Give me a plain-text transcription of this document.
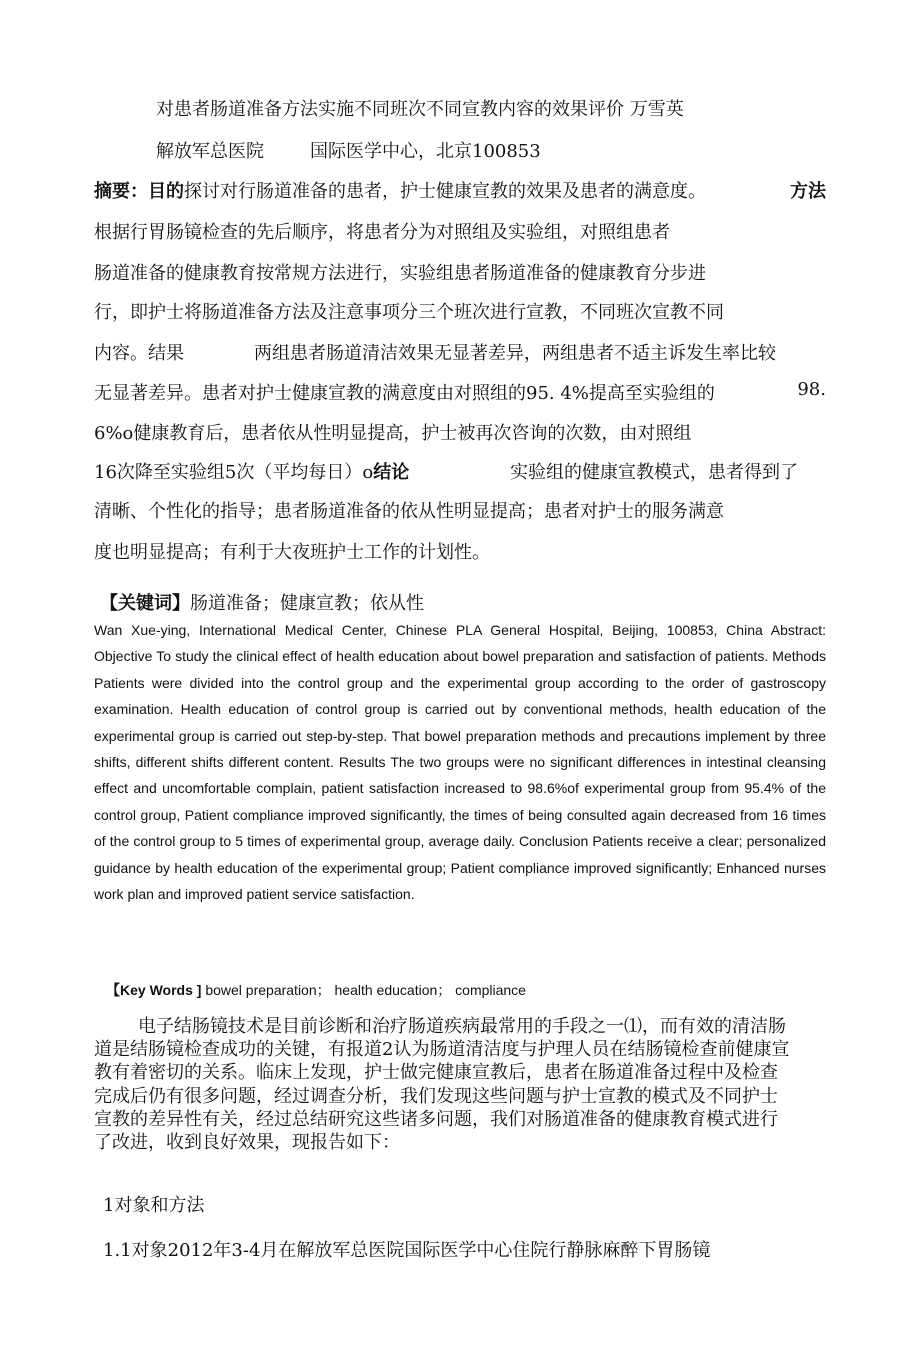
对患者肠道准备方法实施不同班次不同宣教内容的效果评价 万雪英
解放军总医院	国际医学中心，北京100853
摘要：目的探讨对行肠道准备的患者，护士健康宣教的效果及患者的满意度。	方法
根据行胃肠镜检查的先后顺序，将患者分为对照组及实验组，对照组患者
肠道准备的健康教育按常规方法进行，实验组患者肠道准备的健康教育分步进
行，即护士将肠道准备方法及注意事项分三个班次进行宣教，不同班次宣教不同
内容。结果	两组患者肠道清洁效果无显著差异，两组患者不适主诉发生率比较
无显著差异。患者对护士健康宣教的满意度由对照组的95. 4%提高至实验组的	98.
6%o健康教育后，患者依从性明显提高，护士被再次咨询的次数，由对照组
16次降至实验组5次（平均每日）o结论	实验组的健康宣教模式，患者得到了
清晰、个性化的指导；患者肠道准备的依从性明显提高；患者对护士的服务满意
度也明显提高；有利于大夜班护士工作的计划性。
【关键词】肠道准备；健康宣教；依从性

Wan Xue-ying, International Medical Center, Chinese PLA General Hospital, Beijing, 100853, China Abstract: Objective To study the clinical effect of health education about bowel preparation and satisfaction of patients. Methods Patients were divided into the control group and the experimental group according to the order of gastroscopy examination. Health education of control group is carried out by conventional methods, health education of the experimental group is carried out step-by-step. That bowel preparation methods and precautions implement by three shifts, different shifts different content. Results The two groups were no significant differences in intestinal cleansing effect and uncomfortable complain, patient satisfaction increased to 98.6%of experimental group from 95.4% of the control group, Patient compliance improved significantly, the times of being consulted again decreased from 16 times of the control group to 5 times of experimental group, average daily. Conclusion Patients receive a clear; personalized guidance by health education of the experimental group; Patient compliance improved significantly; Enhanced nurses work plan and improved patient service satisfaction.

【Key Words ] bowel preparation； health education； compliance
电子结肠镜技术是目前诊断和治疗肠道疾病最常用的手段之一⑴，而有效的清洁肠道是结肠镜检查成功的关键，有报道2认为肠道清洁度与护理人员在结肠镜检查前健康宣教有着密切的关系。临床上发现，护士做完健康宣教后，患者在肠道准备过程中及检查完成后仍有很多问题，经过调查分析，我们发现这些问题与护士宣教的模式及不同护士宣教的差异性有关，经过总结研究这些诸多问题，我们对肠道准备的健康教育模式进行了改进，收到良好效果，现报告如下：
1对象和方法
1.1对象2012年3-4月在解放军总医院国际医学中心住院行静脉麻醉下胃肠镜
